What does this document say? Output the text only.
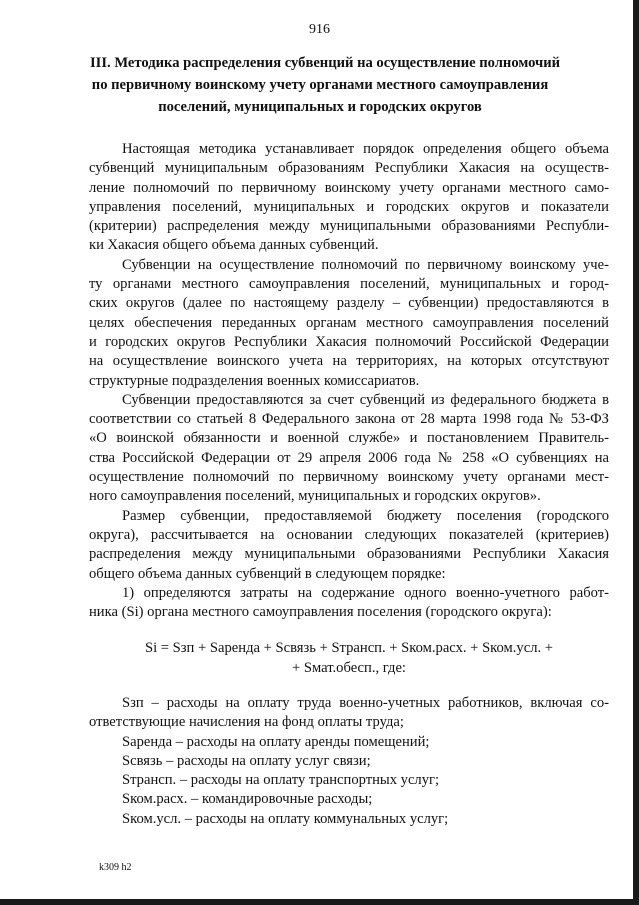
916
III. Методика распределения субвенций на осуществление полномочий
по первичному воинскому учету органами местного самоуправления
поселений, муниципальных и городских округов
Настоящая методика устанавливает порядок определения общего объема
субвенций муниципальным образованиям Республики Хакасия на осуществ-
ление полномочий по первичному воинскому учету органами местного само-
управления поселений, муниципальных и городских округов и показатели
(критерии) распределения между муниципальными образованиями Республи-
ки Хакасия общего объема данных субвенций.
Субвенции на осуществление полномочий по первичному воинскому уче-
ту органами местного самоуправления поселений, муниципальных и город-
ских округов (далее по настоящему разделу – субвенции) предоставляются в
целях обеспечения переданных органам местного самоуправления поселений
и городских округов Республики Хакасия полномочий Российской Федерации
на осуществление воинского учета на территориях, на которых отсутствуют
структурные подразделения военных комиссариатов.
Субвенции предоставляются за счет субвенций из федерального бюджета в
соответствии со статьей 8 Федерального закона от 28 марта 1998 года № 53-ФЗ
«О воинской обязанности и военной службе» и постановлением Правитель-
ства Российской Федерации от 29 апреля 2006 года № 258 «О субвенциях на
осуществление полномочий по первичному воинскому учету органами мест-
ного самоуправления поселений, муниципальных и городских округов».
Размер субвенции, предоставляемой бюджету поселения (городского
округа), рассчитывается на основании следующих показателей (критериев)
распределения между муниципальными образованиями Республики Хакасия
общего объема данных субвенций в следующем порядке:
1) определяются затраты на содержание одного военно-учетного работ-
ника (Si) органа местного самоуправления поселения (городского округа):
Si = Sзп + Sаренда + Sсвязь + Sтрансп. + Sком.расх. + Sком.усл. +
+ Sмат.обесп., где:
Sзп – расходы на оплату труда военно-учетных работников, включая со-
ответствующие начисления на фонд оплаты труда;
Sаренда – расходы на оплату аренды помещений;
Sсвязь – расходы на оплату услуг связи;
Sтрансп. – расходы на оплату транспортных услуг;
Sком.расх. – командировочные расходы;
Sком.усл. – расходы на оплату коммунальных услуг;
k309 h2
